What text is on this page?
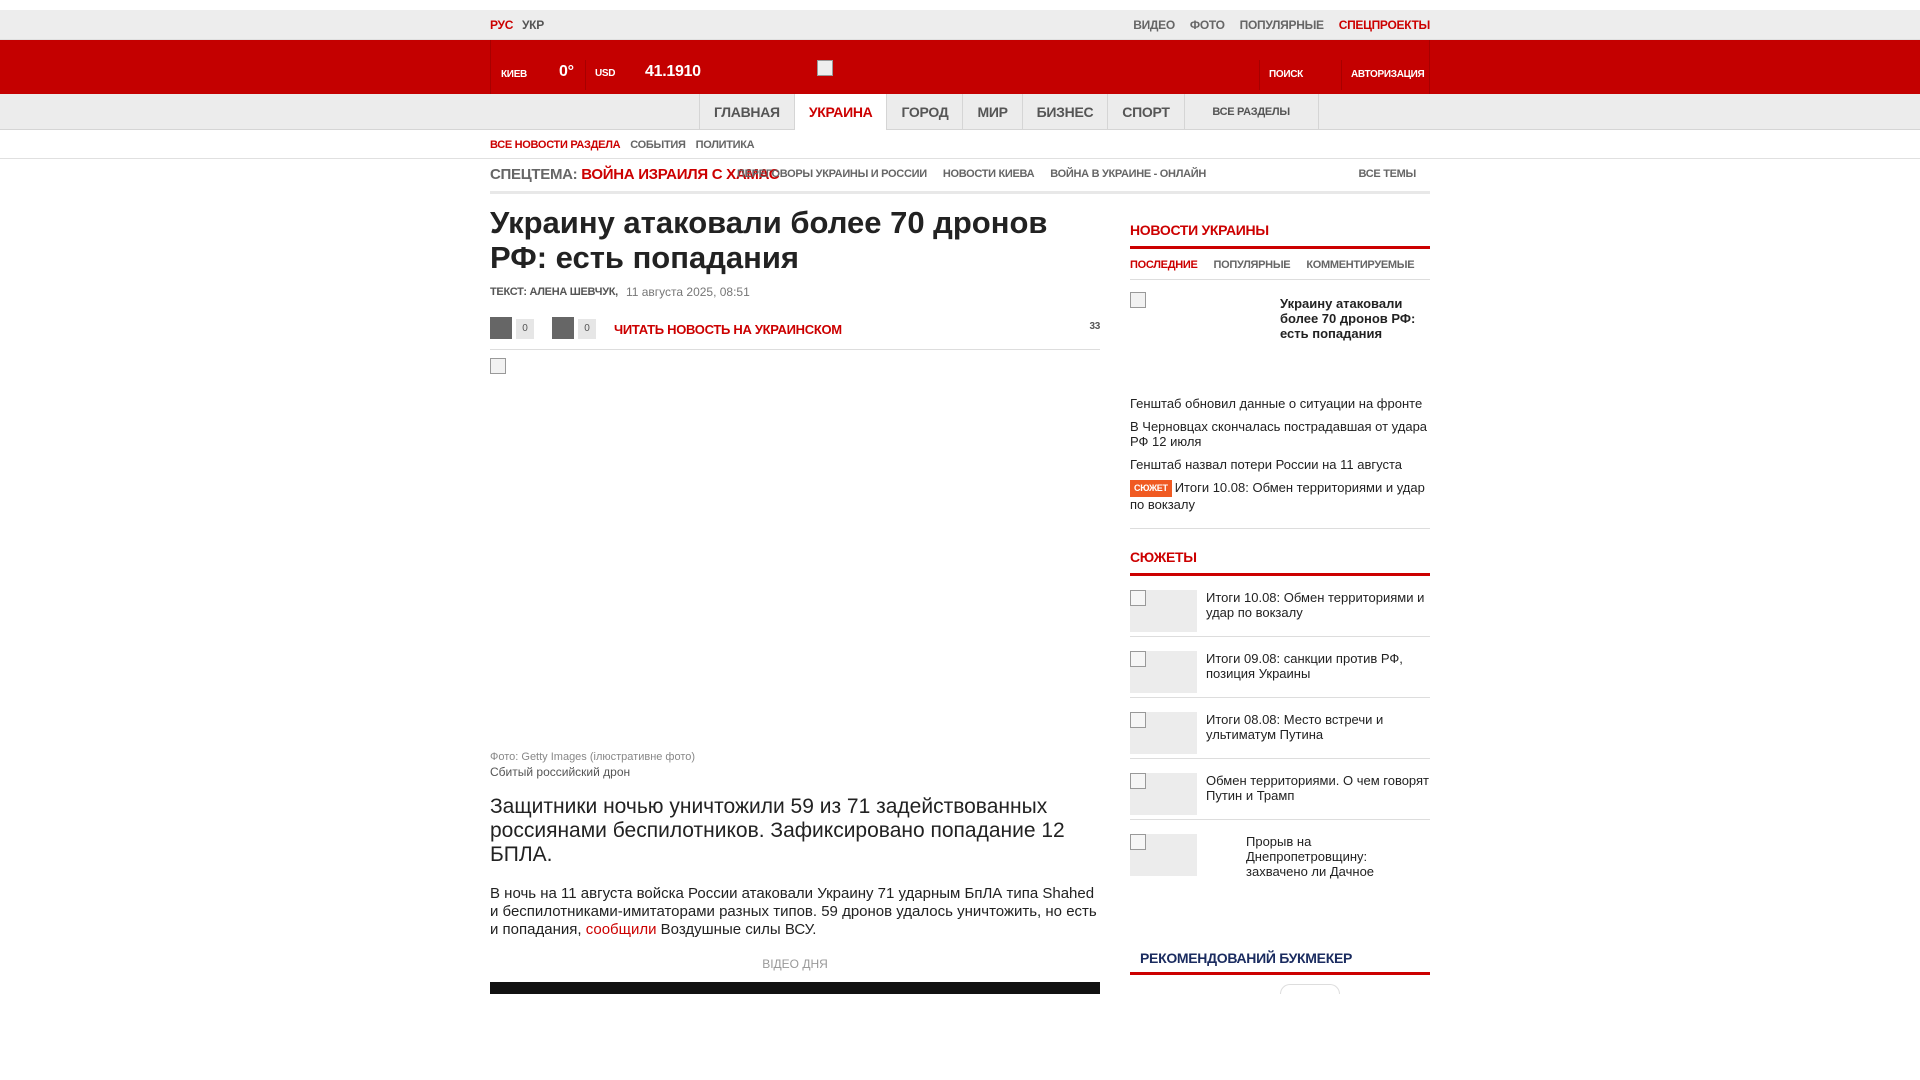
РУС УКР	ВИДЕО ФОТО ПОПУЛЯРНЫЕ СПЕЦПРОЕКТЫ
КИЕВ 0° USD 41.1910	ПОИСК	АВТОРИЗАЦИЯ
ГЛАВНАЯ	УКРАИНА	ГОРОД	МИР	БИЗНЕС	СПОРТ	ВСЕ РАЗДЕЛЫ
ВСЕ НОВОСТИ РАЗДЕЛА СОБЫТИЯ ПОЛИТИКА
СПЕЦТЕМА: ВОЙНА ИЗРАИЛЯ С ХАМАС
ПЕРЕГОВОРЫ УКРАИНЫ И РОССИИ НОВОСТИ КИЕВА ВОЙНА В УКРАИНЕ - ОНЛАЙН	ВСЕ ТЕМЫ
Украину атаковали более 70 дронов РФ: есть попадания
ТЕКСТ: АЛЕНА ШЕВЧУК, 11 августа 2025, 08:51
0	0	ЧИТАТЬ НОВОСТЬ НА УКРАИНСКОМ	33
Фото: Getty Images (ілюстративне фото)
Сбитый российский дрон
Защитники ночью уничтожили 59 из 71 задействованных россиянами беспилотников. Зафиксировано попадание 12 БПЛА.
В ночь на 11 августа войска России атаковали Украину 71 ударным БпЛА типа Shahed и беспилотниками-имитаторами разных типов. 59 дронов удалось уничтожить, но есть и попадания, сообщили Воздушные силы ВСУ.
ВІДЕО ДНЯ
НОВОСТИ УКРАИНЫ
ПОСЛЕДНИЕ ПОПУЛЯРНЫЕ КОММЕНТИРУЕМЫЕ
Украину атаковали более 70 дронов РФ: есть попадания
Генштаб обновил данные о ситуации на фронте
В Черновцах скончалась пострадавшая от удара РФ 12 июля
Генштаб назвал потери России на 11 августа
СЮЖЕТ Итоги 10.08: Обмен территориями и удар по вокзалу
СЮЖЕТЫ
Итоги 10.08: Обмен территориями и удар по вокзалу
Итоги 09.08: санкции против РФ, позиция Украины
Итоги 08.08: Место встречи и ультиматум Путина
Обмен территориями. О чем говорят Путин и Трамп
Прорыв на Днепропетровщину: захвачено ли Дачное
РЕКОМЕНДОВАНИЙ БУКМЕКЕР
